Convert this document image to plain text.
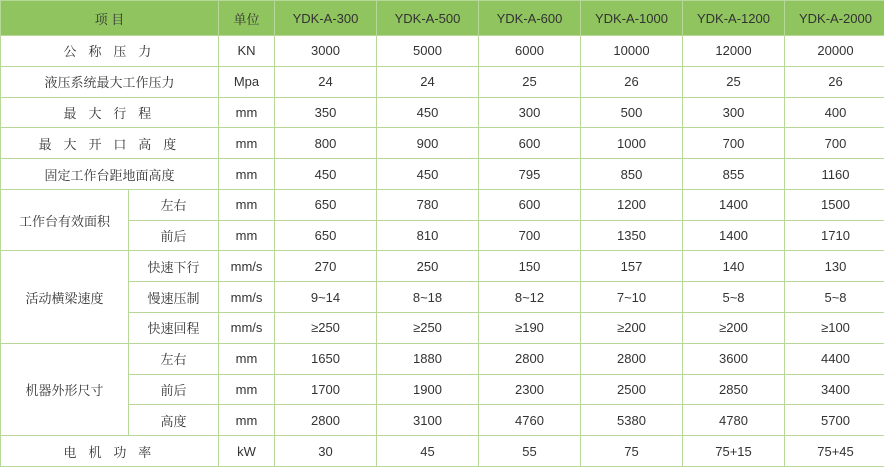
项 目		单位	YDK-A-300	YDK-A-500	YDK-A-600	YDK-A-1000	YDK-A-1200	YDK-A-2000
公 称 压 力		KN	3000	5000	6000	10000	12000	20000
液压系统最大工作压力		Mpa	24	24	25	26	25	26
最 大 行 程		mm	350	450	300	500	300	400
最 大 开 口 高 度		mm	800	900	600	1000	700	700
固定工作台距地面高度		mm	450	450	795	850	855	1160
工作台有效面积	左右	mm	650	780	600	1200	1400	1500
	前后	mm	650	810	700	1350	1400	1710
活动横梁速度	快速下行	mm/s	270	250	150	157	140	130
	慢速压制	mm/s	9~14	8~18	8~12	7~10	5~8	5~8
	快速回程	mm/s	≥250	≥250	≥190	≥200	≥200	≥100
机器外形尺寸	左右	mm	1650	1880	2800	2800	3600	4400
	前后	mm	1700	1900	2300	2500	2850	3400
	高度	mm	2800	3100	4760	5380	4780	5700
电 机 功 率		kW	30	45	55	75	75+15	75+45
